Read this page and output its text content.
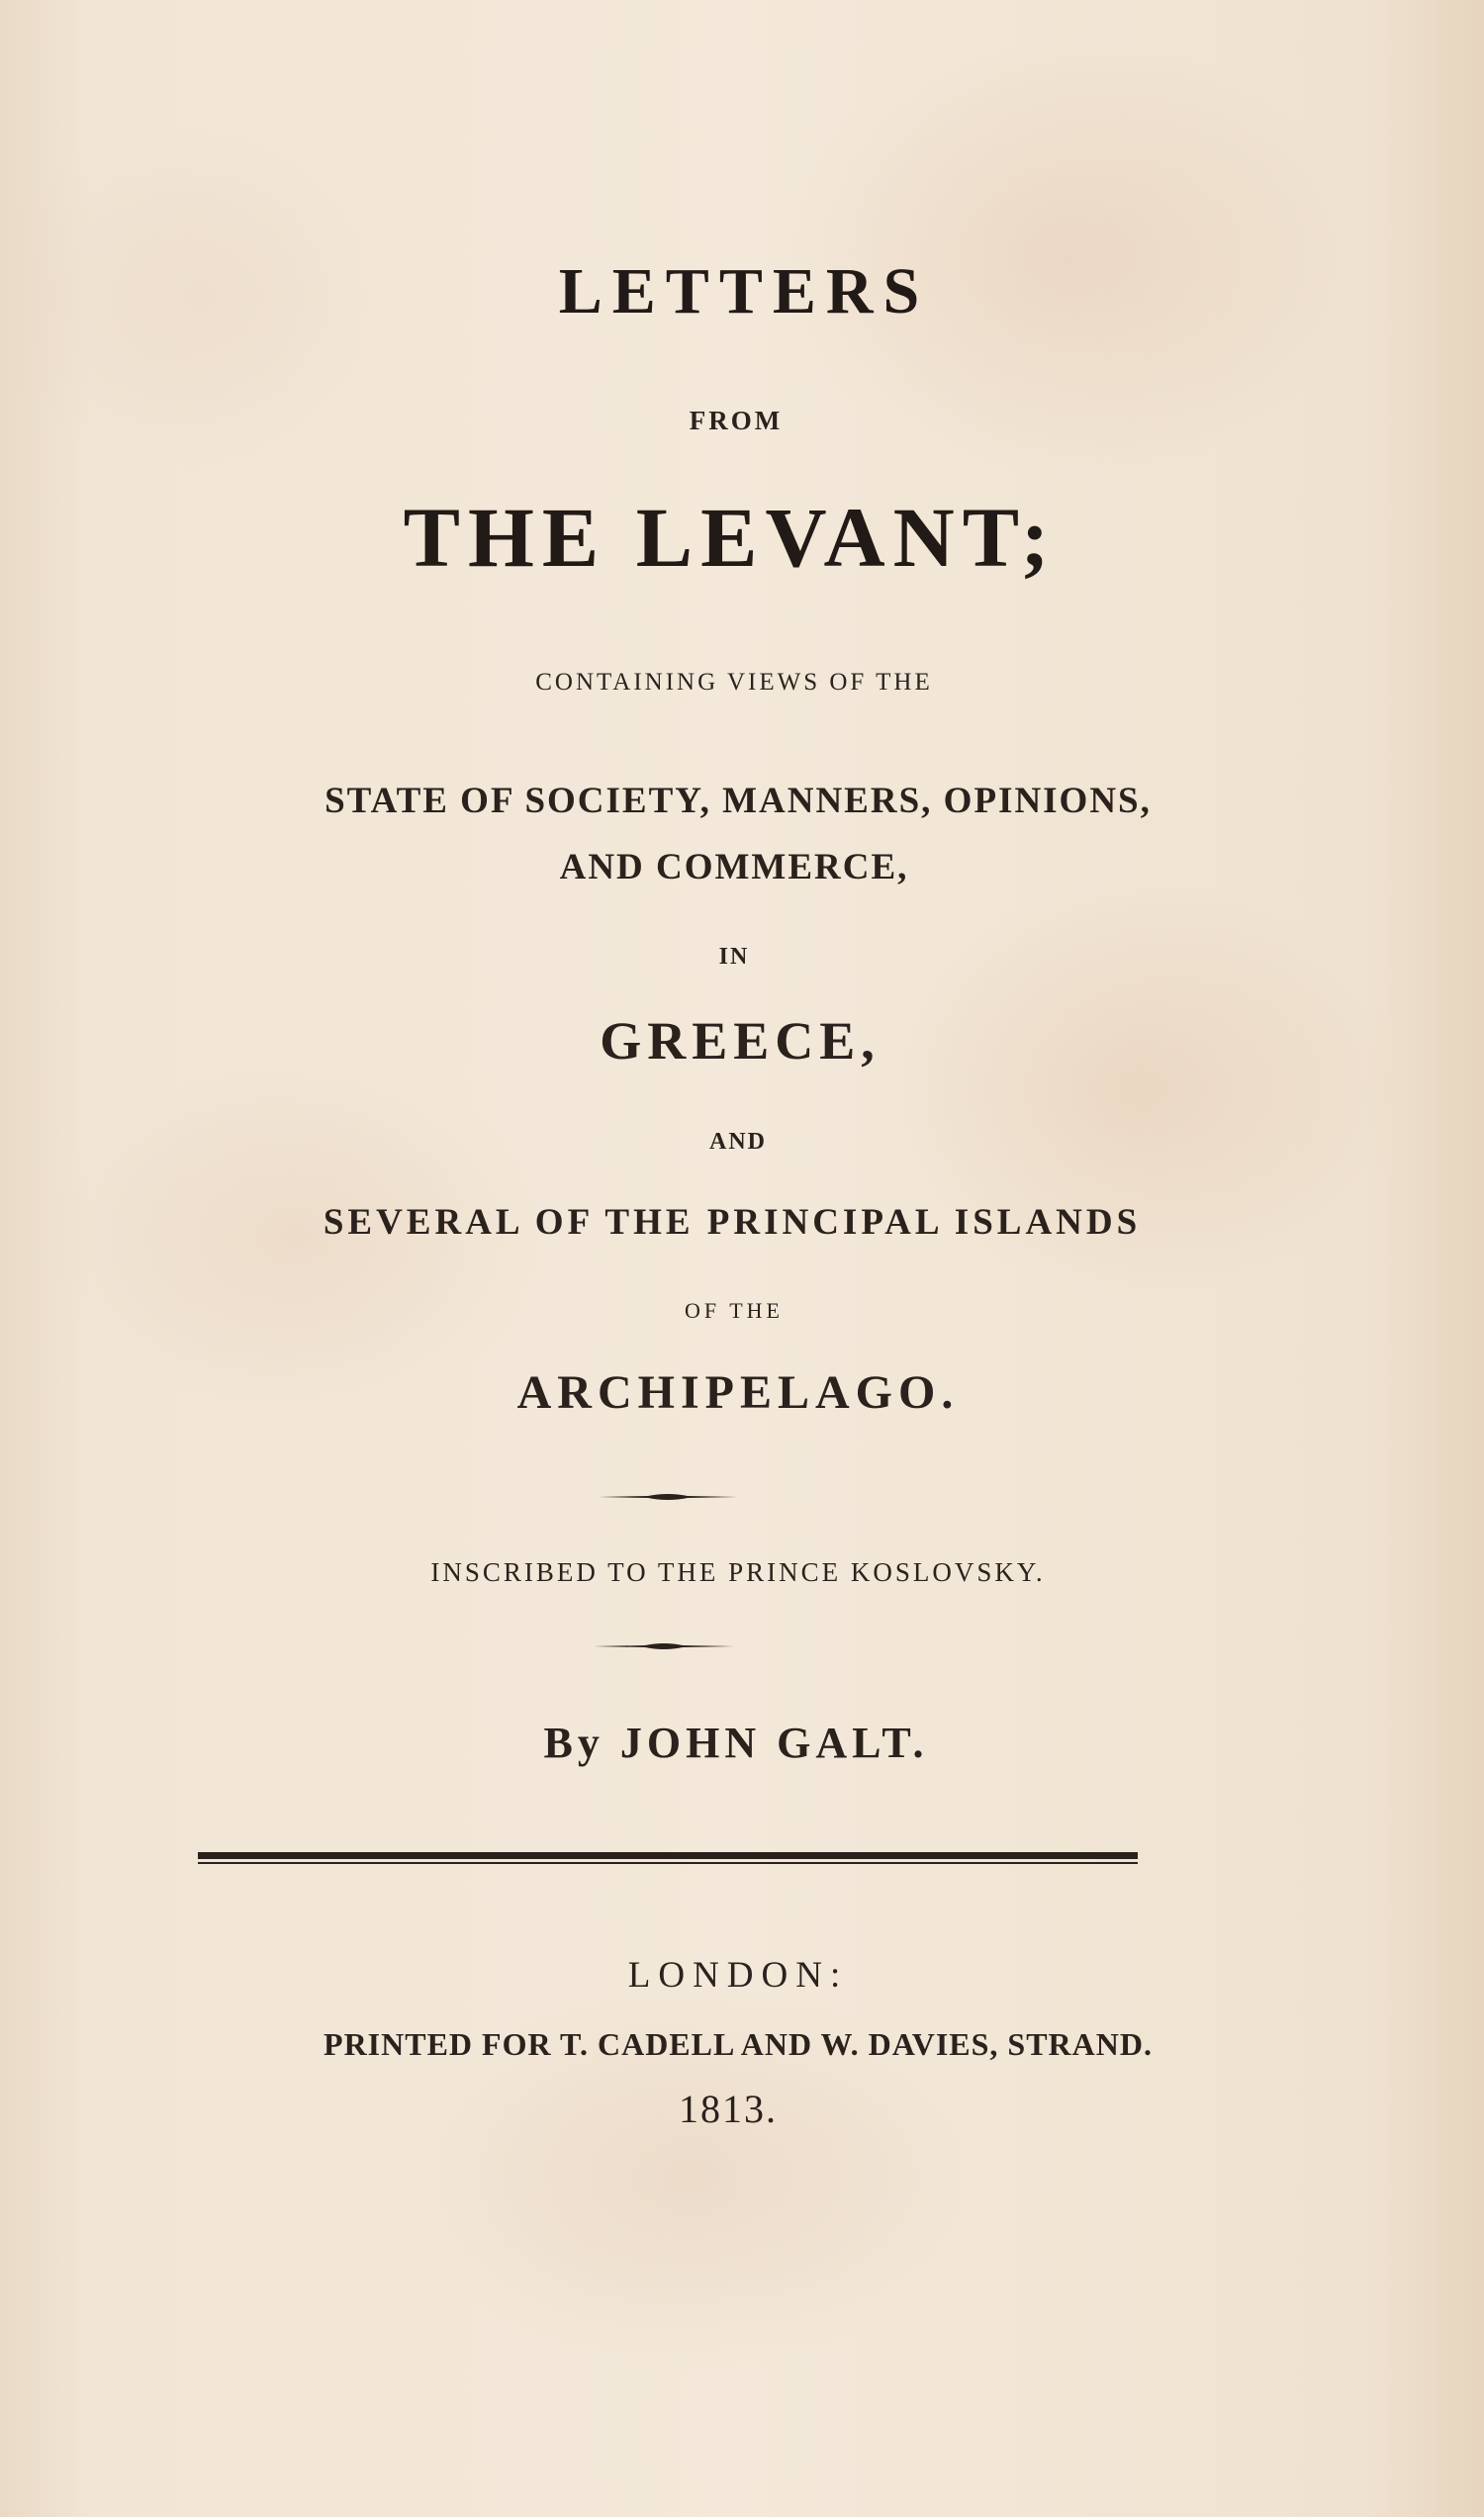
LETTERS
FROM
THE LEVANT;
CONTAINING VIEWS OF THE
STATE OF SOCIETY, MANNERS, OPINIONS,
AND COMMERCE,
IN
GREECE,
AND
SEVERAL OF THE PRINCIPAL ISLANDS
OF THE
ARCHIPELAGO.
INSCRIBED TO THE PRINCE KOSLOVSKY.
By JOHN GALT.
LONDON:
PRINTED FOR T. CADELL AND W. DAVIES, STRAND.
1813.
